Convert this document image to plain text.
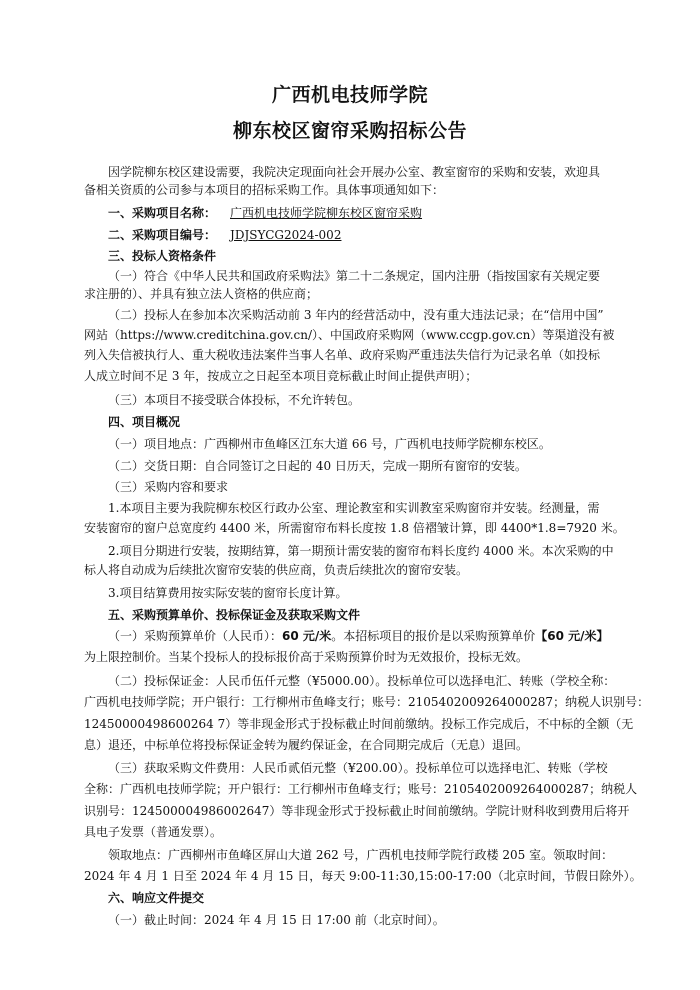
广西机电技师学院
柳东校区窗帘采购招标公告
因学院柳东校区建设需要，我院决定现面向社会开展办公室、教室窗帘的采购和安装，欢迎具
备相关资质的公司参与本项目的招标采购工作。具体事项通知如下：
一、采购项目名称： 广西机电技师学院柳东校区窗帘采购
二、采购项目编号： JDJSYCG2024-002
三、投标人资格条件
（一）符合《中华人民共和国政府采购法》第二十二条规定，国内注册（指按国家有关规定要
求注册的）、并具有独立法人资格的供应商；
（二）投标人在参加本次采购活动前 3 年内的经营活动中，没有重大违法记录；在“信用中国”
网站（https://www.creditchina.gov.cn/）、中国政府采购网（www.ccgp.gov.cn）等渠道没有被
列入失信被执行人、重大税收违法案件当事人名单、政府采购严重违法失信行为记录名单（如投标
人成立时间不足 3 年，按成立之日起至本项目竞标截止时间止提供声明）；
（三）本项目不接受联合体投标，不允许转包。
四、项目概况
（一）项目地点：广西柳州市鱼峰区江东大道 66 号，广西机电技师学院柳东校区。
（二）交货日期：自合同签订之日起的 40 日历天，完成一期所有窗帘的安装。
（三）采购内容和要求
1.本项目主要为我院柳东校区行政办公室、理论教室和实训教室采购窗帘并安装。经测量，需
安装窗帘的窗户总宽度约 4400 米，所需窗帘布料长度按 1.8 倍褶皱计算，即 4400*1.8=7920 米。
2.项目分期进行安装，按期结算，第一期预计需安装的窗帘布料长度约 4000 米。本次采购的中
标人将自动成为后续批次窗帘安装的供应商，负责后续批次的窗帘安装。
3.项目结算费用按实际安装的窗帘长度计算。
五、采购预算单价、投标保证金及获取采购文件
（一）采购预算单价（人民币）：60 元/米。本招标项目的报价是以采购预算单价【60 元/米】
为上限控制价。当某个投标人的投标报价高于采购预算价时为无效报价，投标无效。
（二）投标保证金：人民币伍仟元整（¥5000.00）。投标单位可以选择电汇、转账（学校全称：
广西机电技师学院；开户银行：工行柳州市鱼峰支行；账号：2105402009264000287；纳税人识别号：
12450000498600264 7）等非现金形式于投标截止时间前缴纳。投标工作完成后，不中标的全额（无
息）退还，中标单位将投标保证金转为履约保证金，在合同期完成后（无息）退回。
（三）获取采购文件费用：人民币贰佰元整（¥200.00）。投标单位可以选择电汇、转账（学校
全称：广西机电技师学院；开户银行：工行柳州市鱼峰支行；账号：2105402009264000287；纳税人
识别号：124500004986002647）等非现金形式于投标截止时间前缴纳。学院计财科收到费用后将开
具电子发票（普通发票）。
领取地点：广西柳州市鱼峰区屏山大道 262 号，广西机电技师学院行政楼 205 室。领取时间：
2024 年 4 月 1 日至 2024 年 4 月 15 日，每天 9:00-11:30,15:00-17:00（北京时间，节假日除外）。
六、响应文件提交
（一）截止时间：2024 年 4 月 15 日 17:00 前（北京时间）。
